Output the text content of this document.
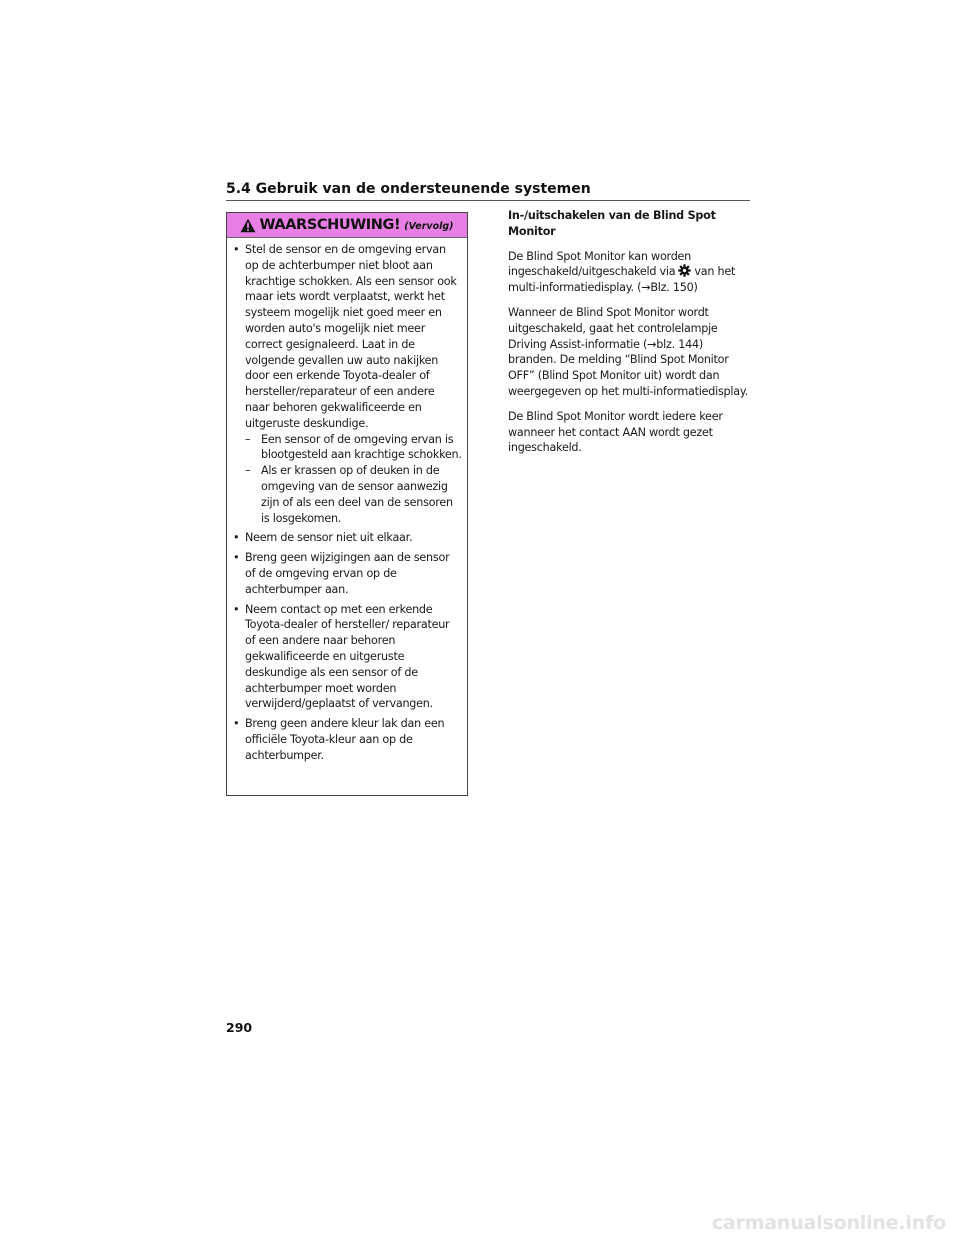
5.4 Gebruik van de ondersteunende systemen
WAARSCHUWING! (Vervolg)
• Stel de sensor en de omgeving ervan op de achterbumper niet bloot aan krachtige schokken. Als een sensor ook maar iets wordt verplaatst, werkt het systeem mogelijk niet goed meer en worden auto's mogelijk niet meer correct gesignaleerd. Laat in de volgende gevallen uw auto nakijken door een erkende Toyota-dealer of hersteller/reparateur of een andere naar behoren gekwalificeerde en uitgeruste deskundige.
– Een sensor of de omgeving ervan is blootgesteld aan krachtige schokken.
– Als er krassen op of deuken in de omgeving van de sensor aanwezig zijn of als een deel van de sensoren is losgekomen.
• Neem de sensor niet uit elkaar.
• Breng geen wijzigingen aan de sensor of de omgeving ervan op de achterbumper aan.
• Neem contact op met een erkende Toyota-dealer of hersteller/ reparateur of een andere naar behoren gekwalificeerde en uitgeruste deskundige als een sensor of de achterbumper moet worden verwijderd/geplaatst of vervangen.
• Breng geen andere kleur lak dan een officiële Toyota-kleur aan op de achterbumper.
In-/uitschakelen van de Blind Spot Monitor
De Blind Spot Monitor kan worden ingeschakeld/uitgeschakeld via van het multi-informatiedisplay. (→Blz. 150)
Wanneer de Blind Spot Monitor wordt uitgeschakeld, gaat het controlelampje Driving Assist-informatie (→blz. 144) branden. De melding “Blind Spot Monitor OFF” (Blind Spot Monitor uit) wordt dan weergegeven op het multi-informatiedisplay.
De Blind Spot Monitor wordt iedere keer wanneer het contact AAN wordt gezet ingeschakeld.
290
carmanualsonline.info
